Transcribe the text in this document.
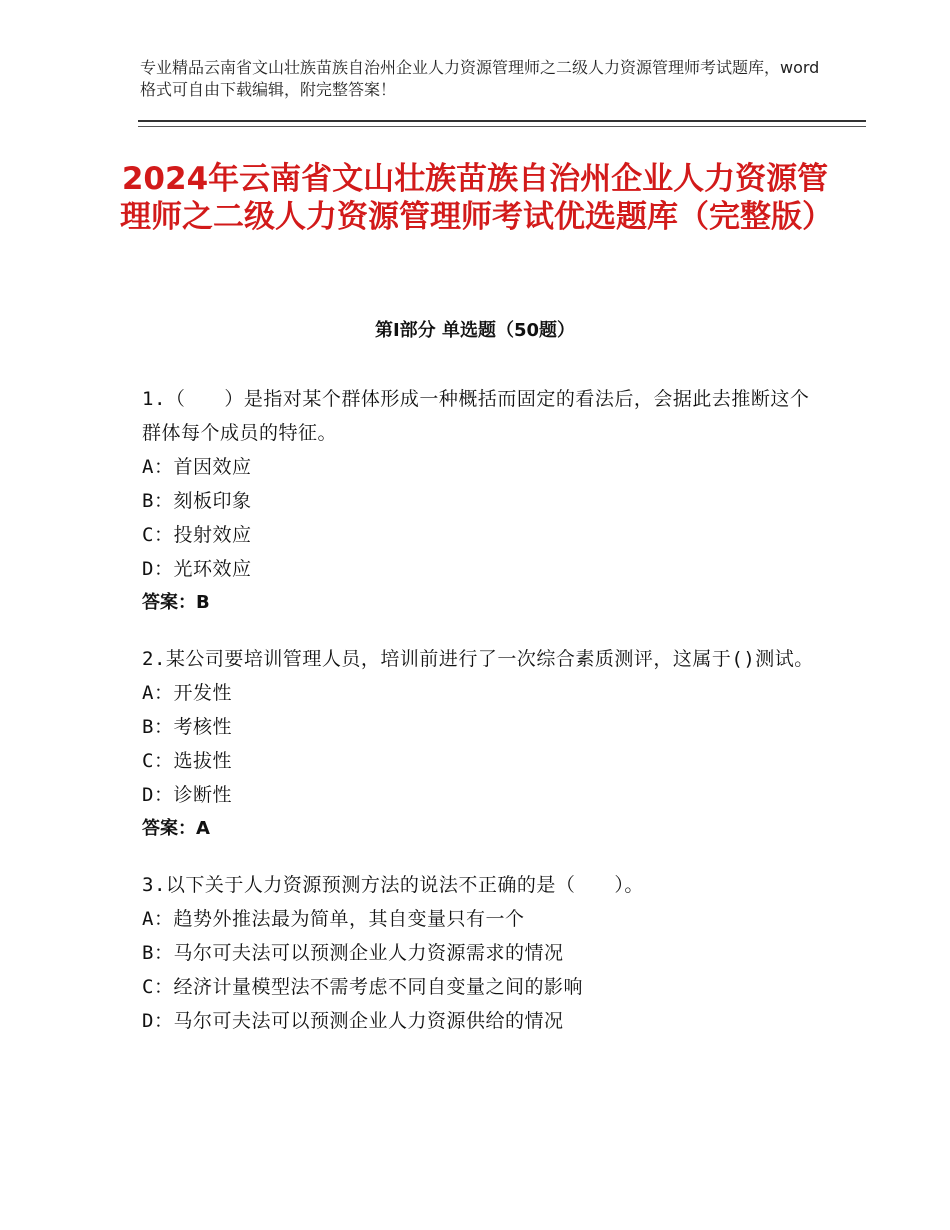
专业精品云南省文山壮族苗族自治州企业人力资源管理师之二级人力资源管理师考试题库，word格式可自由下载编辑，附完整答案！
2024年云南省文山壮族苗族自治州企业人力资源管理师之二级人力资源管理师考试优选题库（完整版）
第Ⅰ部分 单选题（50题）
1.（　　）是指对某个群体形成一种概括而固定的看法后，会据此去推断这个群体每个成员的特征。
A：首因效应
B：刻板印象
C：投射效应
D：光环效应
答案：B
2.某公司要培训管理人员，培训前进行了一次综合素质测评，这属于()测试。
A：开发性
B：考核性
C：选拔性
D：诊断性
答案：A
3.以下关于人力资源预测方法的说法不正确的是（　　）。
A：趋势外推法最为简单，其自变量只有一个
B：马尔可夫法可以预测企业人力资源需求的情况
C：经济计量模型法不需考虑不同自变量之间的影响
D：马尔可夫法可以预测企业人力资源供给的情况
